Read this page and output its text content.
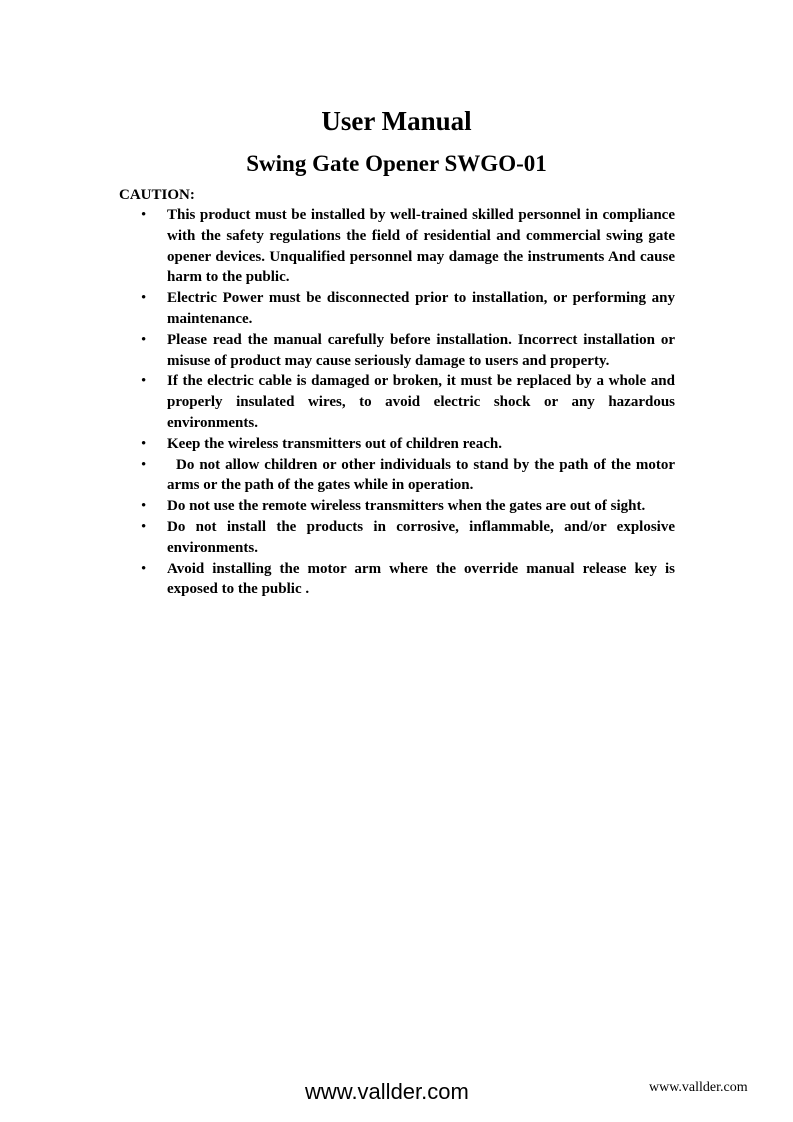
User Manual
Swing Gate Opener SWGO-01
CAUTION:
• This product must be installed by well-trained skilled personnel in compliance with the safety regulations the field of residential and commercial swing gate opener devices. Unqualified personnel may damage the instruments And cause harm to the public.
• Electric Power must be disconnected prior to installation, or performing any maintenance.
• Please read the manual carefully before installation. Incorrect installation or misuse of product may cause seriously damage to users and property.
• If the electric cable is damaged or broken, it must be replaced by a whole and properly insulated wires, to avoid electric shock or any hazardous environments.
• Keep the wireless transmitters out of children reach.
• Do not allow children or other individuals to stand by the path of the motor arms or the path of the gates while in operation.
• Do not use the remote wireless transmitters when the gates are out of sight.
• Do not install the products in corrosive, inflammable, and/or explosive environments.
• Avoid installing the motor arm where the override manual release key is exposed to the public .
www.vallder.com	www.vallder.com
